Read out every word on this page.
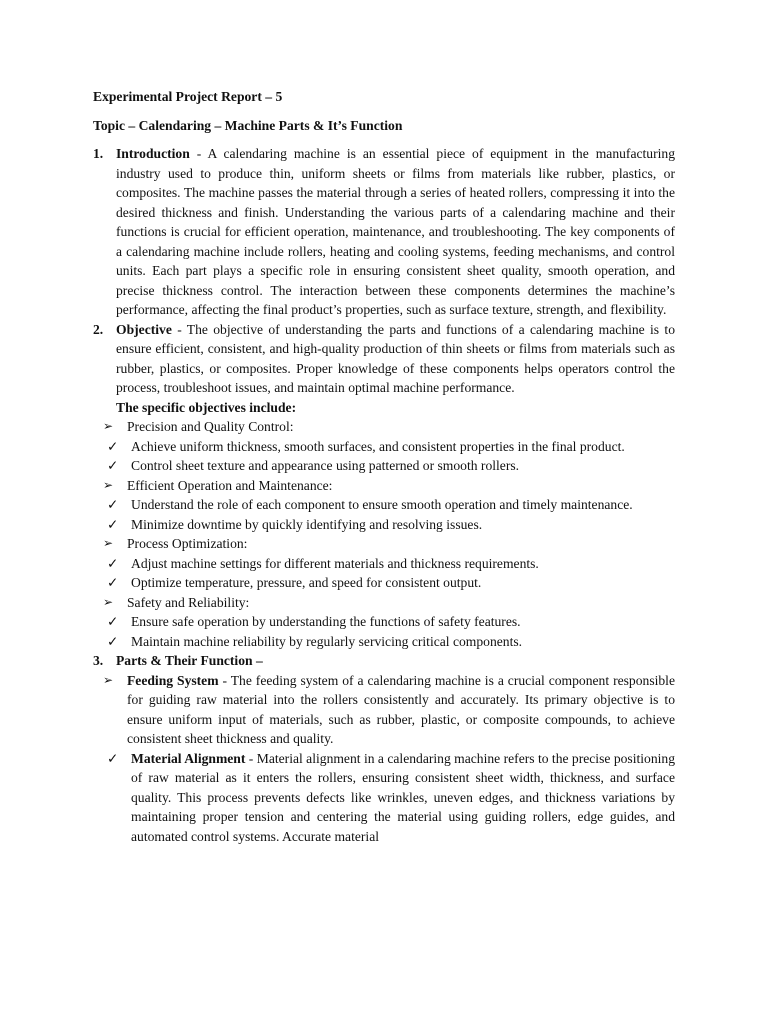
Experimental Project Report – 5
Topic – Calendaring – Machine Parts & It’s Function
1. Introduction - A calendaring machine is an essential piece of equipment in the manufacturing industry used to produce thin, uniform sheets or films from materials like rubber, plastics, or composites. The machine passes the material through a series of heated rollers, compressing it into the desired thickness and finish. Understanding the various parts of a calendaring machine and their functions is crucial for efficient operation, maintenance, and troubleshooting. The key components of a calendaring machine include rollers, heating and cooling systems, feeding mechanisms, and control units. Each part plays a specific role in ensuring consistent sheet quality, smooth operation, and precise thickness control. The interaction between these components determines the machine’s performance, affecting the final product’s properties, such as surface texture, strength, and flexibility.
2. Objective - The objective of understanding the parts and functions of a calendaring machine is to ensure efficient, consistent, and high-quality production of thin sheets or films from materials such as rubber, plastics, or composites. Proper knowledge of these components helps operators control the process, troubleshoot issues, and maintain optimal machine performance.
The specific objectives include:
➢	Precision and Quality Control:
✓ Achieve uniform thickness, smooth surfaces, and consistent properties in the final product.
✓ Control sheet texture and appearance using patterned or smooth rollers.
➢	Efficient Operation and Maintenance:
✓ Understand the role of each component to ensure smooth operation and timely maintenance.
✓ Minimize downtime by quickly identifying and resolving issues.
➢	Process Optimization:
✓ Adjust machine settings for different materials and thickness requirements.
✓ Optimize temperature, pressure, and speed for consistent output.
➢	Safety and Reliability:
✓ Ensure safe operation by understanding the functions of safety features.
✓ Maintain machine reliability by regularly servicing critical components.
3. Parts & Their Function –
➢	Feeding System - The feeding system of a calendaring machine is a crucial component responsible for guiding raw material into the rollers consistently and accurately. Its primary objective is to ensure uniform input of materials, such as rubber, plastic, or composite compounds, to achieve consistent sheet thickness and quality.
✓ Material Alignment - Material alignment in a calendaring machine refers to the precise positioning of raw material as it enters the rollers, ensuring consistent sheet width, thickness, and surface quality. This process prevents defects like wrinkles, uneven edges, and thickness variations by maintaining proper tension and centering the material using guiding rollers, edge guides, and automated control systems. Accurate material
